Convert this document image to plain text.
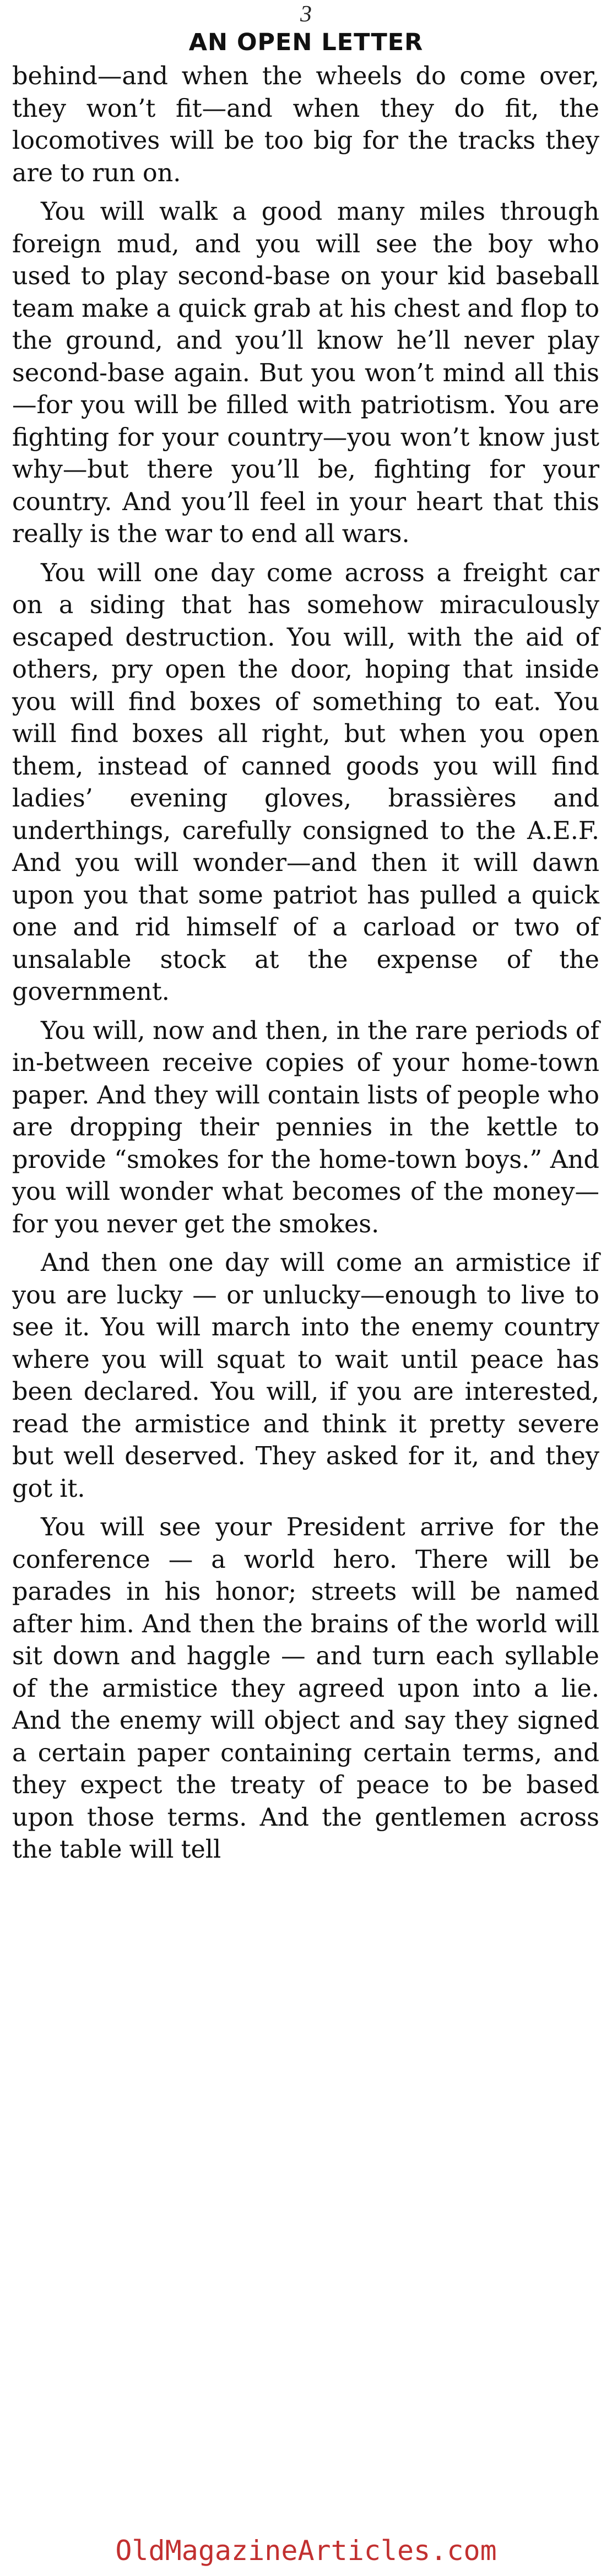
3
AN OPEN LETTER

behind—and when the wheels do come over, they won’t fit—and when they do fit, the locomotives will be too big for the tracks they are to run on.

You will walk a good many miles through foreign mud, and you will see the boy who used to play second-base on your kid baseball team make a quick grab at his chest and flop to the ground, and you’ll know he’ll never play second-base again. But you won’t mind all this—for you will be filled with patriotism. You are fighting for your country—you won’t know just why—but there you’ll be, fighting for your country. And you’ll feel in your heart that this really is the war to end all wars.

You will one day come across a freight car on a siding that has somehow miraculously escaped destruction. You will, with the aid of others, pry open the door, hoping that inside you will find boxes of something to eat. You will find boxes all right, but when you open them, instead of canned goods you will find ladies’ evening gloves, brassières and underthings, carefully consigned to the A.E.F. And you will wonder—and then it will dawn upon you that some patriot has pulled a quick one and rid himself of a carload or two of unsalable stock at the expense of the government.

You will, now and then, in the rare periods of in-between receive copies of your home-town paper. And they will contain lists of people who are dropping their pennies in the kettle to provide “smokes for the home-town boys.” And you will wonder what becomes of the money—for you never get the smokes.

And then one day will come an armistice if you are lucky — or unlucky—enough to live to see it. You will march into the enemy country where you will squat to wait until peace has been declared. You will, if you are interested, read the armistice and think it pretty severe but well deserved. They asked for it, and they got it.

You will see your President arrive for the conference — a world hero. There will be parades in his honor; streets will be named after him. And then the brains of the world will sit down and haggle — and turn each syllable of the armistice they agreed upon into a lie. And the enemy will object and say they signed a certain paper containing certain terms, and they expect the treaty of peace to be based upon those terms. And the gentlemen across the table will tell

OldMagazineArticles.com
